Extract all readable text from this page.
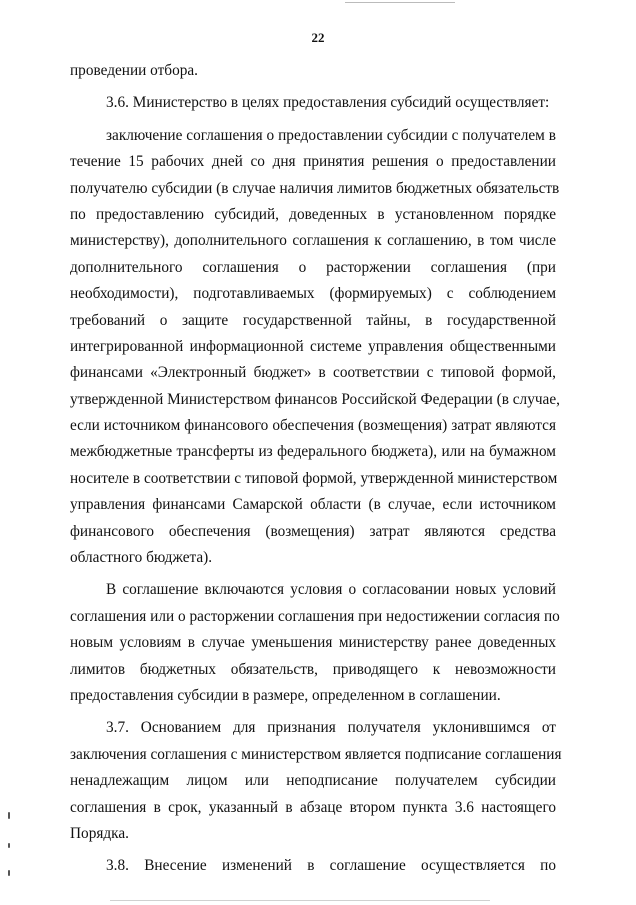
22
проведении отбора.
3.6. Министерство в целях предоставления субсидий осуществляет:
заключение соглашения о предоставлении субсидии с получателем в
течение 15 рабочих дней со дня принятия решения о предоставлении
получателю субсидии (в случае наличия лимитов бюджетных обязательств
по предоставлению субсидий, доведенных в установленном порядке
министерству), дополнительного соглашения к соглашению, в том числе
дополнительного соглашения о расторжении соглашения (при
необходимости), подготавливаемых (формируемых) с соблюдением
требований о защите государственной тайны, в государственной
интегрированной информационной системе управления общественными
финансами «Электронный бюджет» в соответствии с типовой формой,
утвержденной Министерством финансов Российской Федерации (в случае,
если источником финансового обеспечения (возмещения) затрат являются
межбюджетные трансферты из федерального бюджета), или на бумажном
носителе в соответствии с типовой формой, утвержденной министерством
управления финансами Самарской области (в случае, если источником
финансового обеспечения (возмещения) затрат являются средства
областного бюджета).
В соглашение включаются условия о согласовании новых условий
соглашения или о расторжении соглашения при недостижении согласия по
новым условиям в случае уменьшения министерству ранее доведенных
лимитов бюджетных обязательств, приводящего к невозможности
предоставления субсидии в размере, определенном в соглашении.
3.7. Основанием для признания получателя уклонившимся от
заключения соглашения с министерством является подписание соглашения
ненадлежащим лицом или неподписание получателем субсидии
соглашения в срок, указанный в абзаце втором пункта 3.6 настоящего
Порядка.
3.8. Внесение изменений в соглашение осуществляется по
